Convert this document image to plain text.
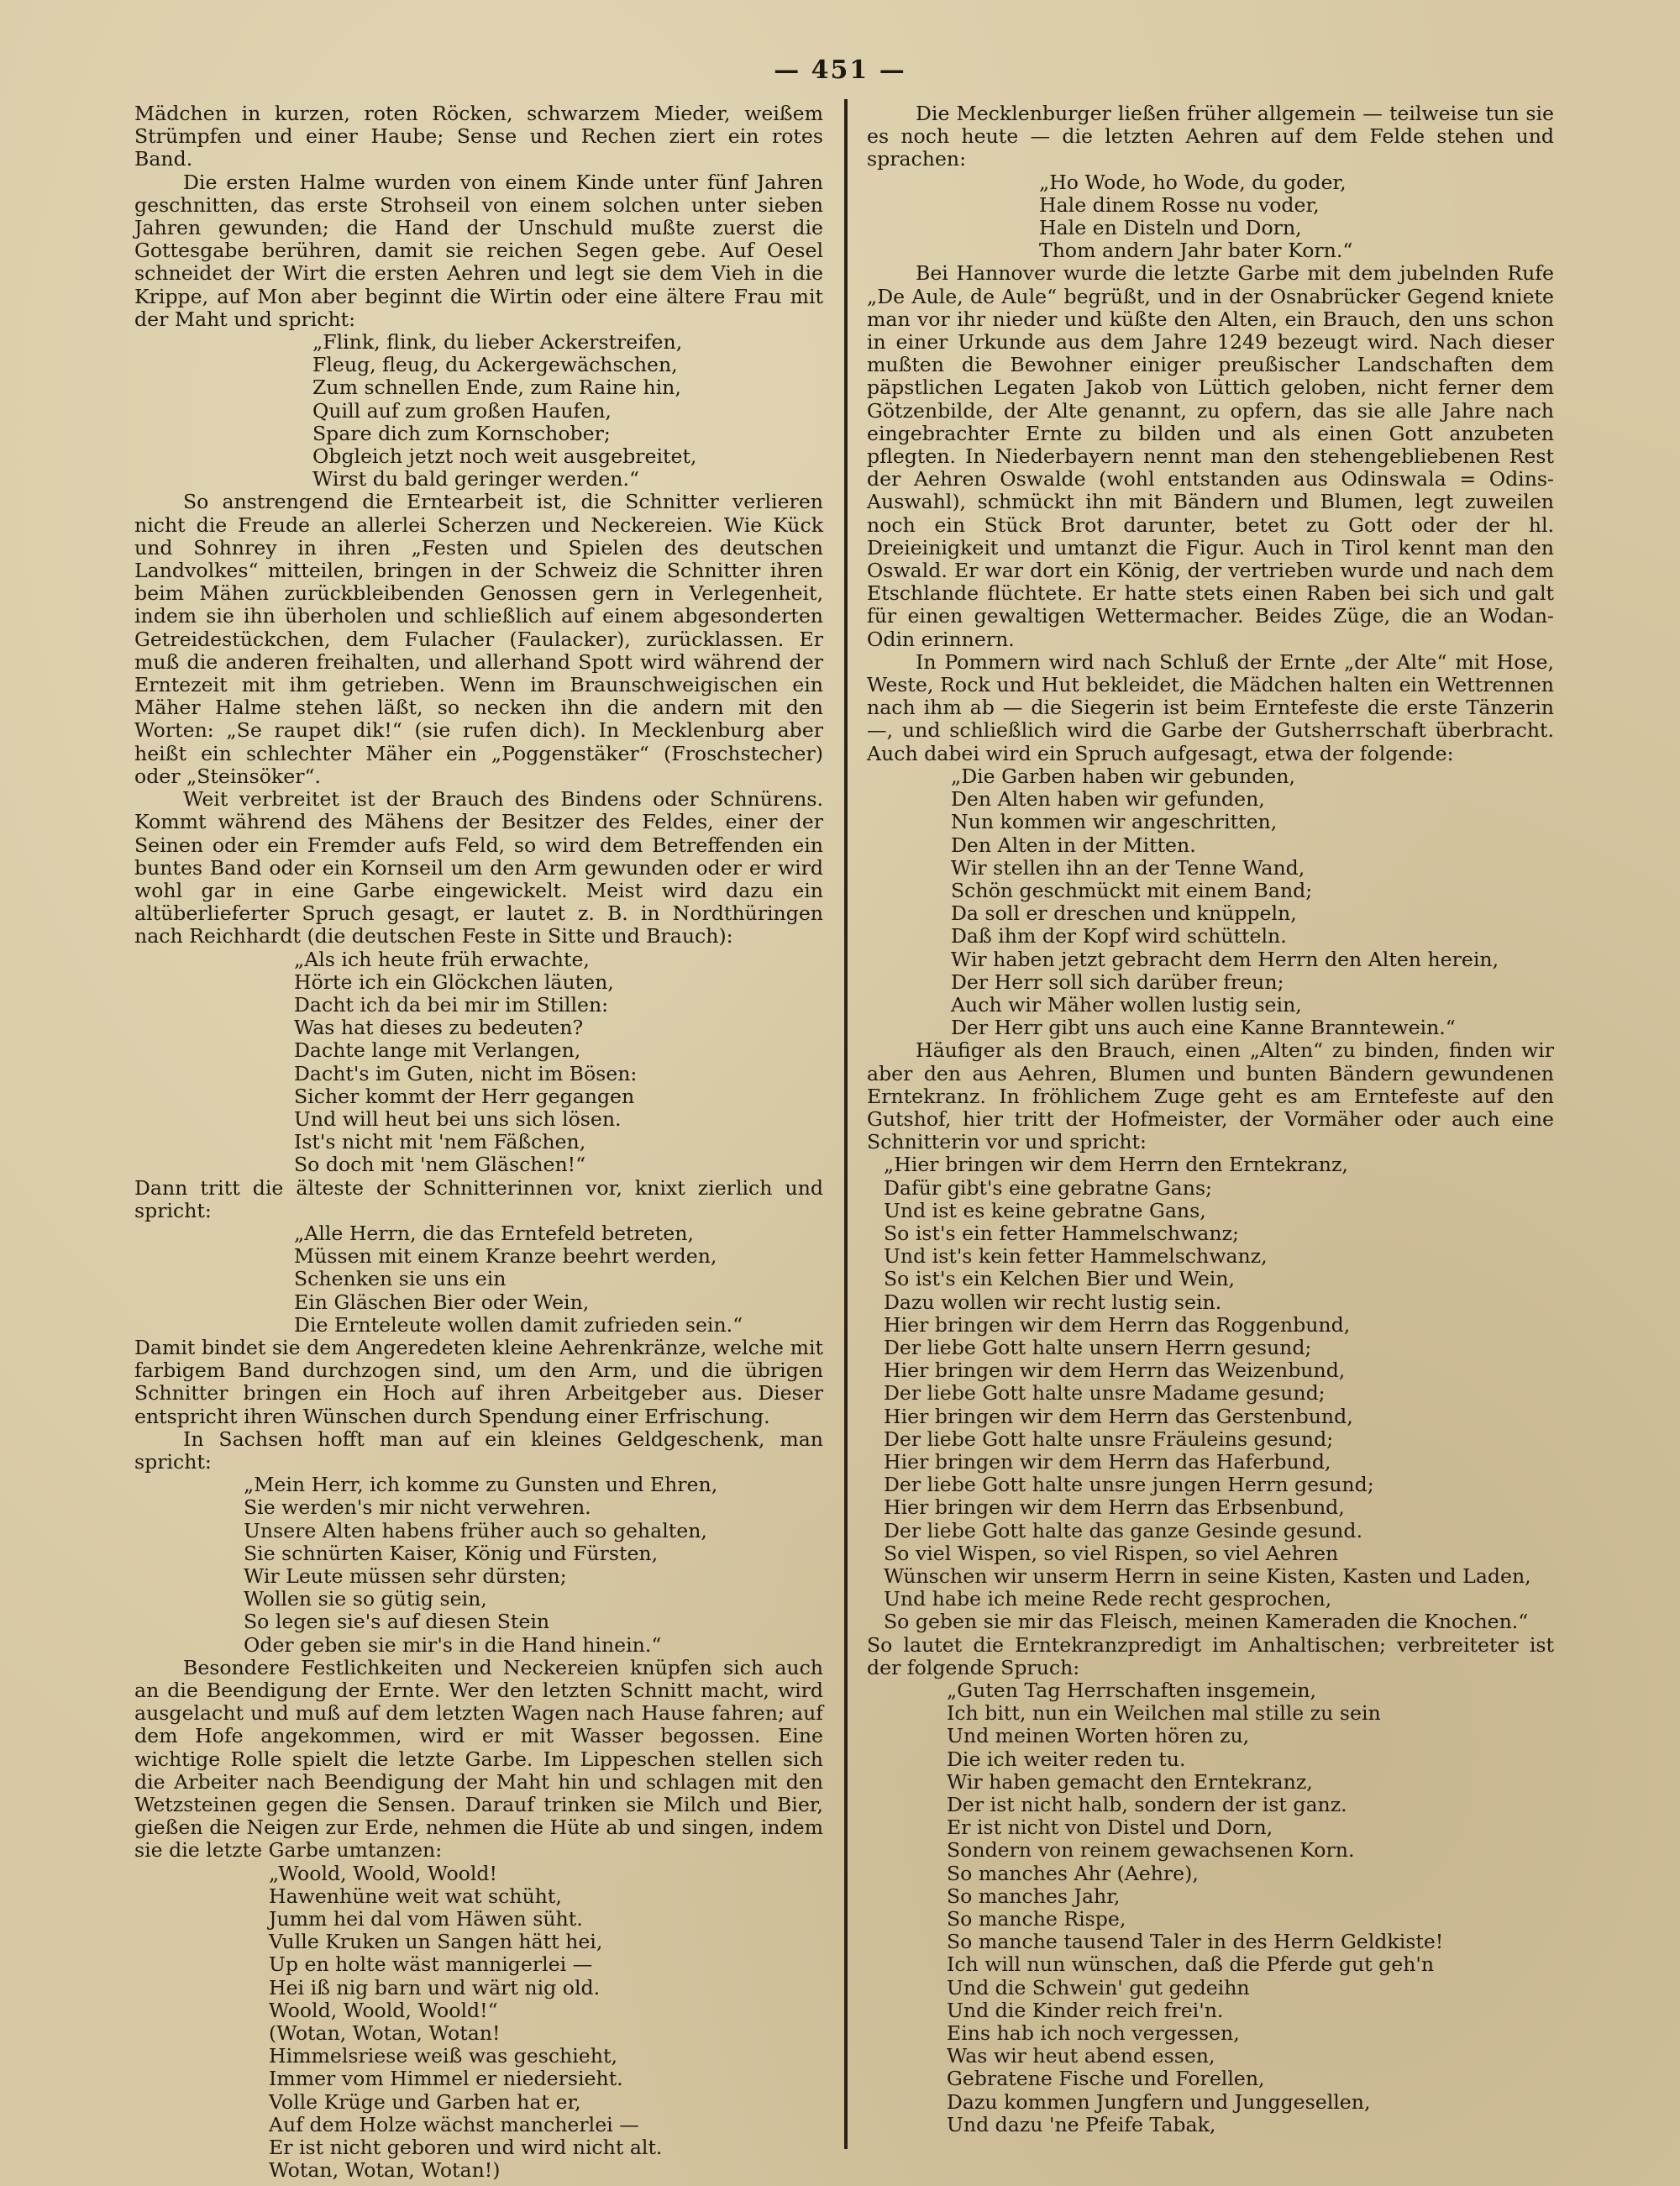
— 451 —

Mädchen in kurzen, roten Röcken, schwarzem Mieder, weißem Strümpfen und einer Haube; Sense und Rechen ziert ein rotes Band.

Die ersten Halme wurden von einem Kinde unter fünf Jahren geschnitten, das erste Strohseil von einem solchen unter sieben Jahren gewunden; die Hand der Unschuld mußte zuerst die Gottesgabe berühren, damit sie reichen Segen gebe. Auf Oesel schneidet der Wirt die ersten Aehren und legt sie dem Vieh in die Krippe, auf Mon aber beginnt die Wirtin oder eine ältere Frau mit der Maht und spricht:

„Flink, flink, du lieber Ackerstreifen,
Fleug, fleug, du Ackergewächschen,
Zum schnellen Ende, zum Raine hin,
Quill auf zum großen Haufen,
Spare dich zum Kornschober;
Obgleich jetzt noch weit ausgebreitet,
Wirst du bald geringer werden.“

So anstrengend die Erntearbeit ist, die Schnitter verlieren nicht die Freude an allerlei Scherzen und Neckereien. Wie Kück und Sohnrey in ihren „Festen und Spielen des deutschen Landvolkes“ mitteilen, bringen in der Schweiz die Schnitter ihren beim Mähen zurückbleibenden Genossen gern in Verlegenheit, indem sie ihn überholen und schließlich auf einem abgesonderten Getreidestückchen, dem Fulacher (Faulacker), zurücklassen. Er muß die anderen freihalten, und allerhand Spott wird während der Erntezeit mit ihm getrieben. Wenn im Braunschweigischen ein Mäher Halme stehen läßt, so necken ihn die andern mit den Worten: „Se raupet dik!“ (sie rufen dich). In Mecklenburg aber heißt ein schlechter Mäher ein „Poggenstäker“ (Froschstecher) oder „Steinsöker“.

Weit verbreitet ist der Brauch des Bindens oder Schnürens. Kommt während des Mähens der Besitzer des Feldes, einer der Seinen oder ein Fremder aufs Feld, so wird dem Betreffenden ein buntes Band oder ein Kornseil um den Arm gewunden oder er wird wohl gar in eine Garbe eingewickelt. Meist wird dazu ein altüberlieferter Spruch gesagt, er lautet z. B. in Nordthüringen nach Reichhardt (die deutschen Feste in Sitte und Brauch):

„Als ich heute früh erwachte,
Hörte ich ein Glöckchen läuten,
Dacht ich da bei mir im Stillen:
Was hat dieses zu bedeuten?
Dachte lange mit Verlangen,
Dacht's im Guten, nicht im Bösen:
Sicher kommt der Herr gegangen
Und will heut bei uns sich lösen.
Ist's nicht mit 'nem Fäßchen,
So doch mit 'nem Gläschen!“

Dann tritt die älteste der Schnitterinnen vor, knixt zierlich und spricht:

„Alle Herrn, die das Erntefeld betreten,
Müssen mit einem Kranze beehrt werden,
Schenken sie uns ein
Ein Gläschen Bier oder Wein,
Die Ernteleute wollen damit zufrieden sein.“

Damit bindet sie dem Angeredeten kleine Aehrenkränze, welche mit farbigem Band durchzogen sind, um den Arm, und die übrigen Schnitter bringen ein Hoch auf ihren Arbeitgeber aus. Dieser entspricht ihren Wünschen durch Spendung einer Erfrischung.

In Sachsen hofft man auf ein kleines Geldgeschenk, man spricht:

„Mein Herr, ich komme zu Gunsten und Ehren,
Sie werden's mir nicht verwehren.
Unsere Alten habens früher auch so gehalten,
Sie schnürten Kaiser, König und Fürsten,
Wir Leute müssen sehr dürsten;
Wollen sie so gütig sein,
So legen sie's auf diesen Stein
Oder geben sie mir's in die Hand hinein.“

Besondere Festlichkeiten und Neckereien knüpfen sich auch an die Beendigung der Ernte. Wer den letzten Schnitt macht, wird ausgelacht und muß auf dem letzten Wagen nach Hause fahren; auf dem Hofe angekommen, wird er mit Wasser begossen. Eine wichtige Rolle spielt die letzte Garbe. Im Lippeschen stellen sich die Arbeiter nach Beendigung der Maht hin und schlagen mit den Wetzsteinen gegen die Sensen. Darauf trinken sie Milch und Bier, gießen die Neigen zur Erde, nehmen die Hüte ab und singen, indem sie die letzte Garbe umtanzen:

„Woold, Woold, Woold!
Hawenhüne weit wat schüht,
Jumm hei dal vom Häwen süht.
Vulle Kruken un Sangen hätt hei,
Up en holte wäst mannigerlei —
Hei iß nig barn und wärt nig old.
Woold, Woold, Woold!“
(Wotan, Wotan, Wotan!
Himmelsriese weiß was geschieht,
Immer vom Himmel er niedersieht.
Volle Krüge und Garben hat er,
Auf dem Holze wächst mancherlei —
Er ist nicht geboren und wird nicht alt.
Wotan, Wotan, Wotan!)

Die Mecklenburger ließen früher allgemein — teilweise tun sie es noch heute — die letzten Aehren auf dem Felde stehen und sprachen:

„Ho Wode, ho Wode, du goder,
Hale dinem Rosse nu voder,
Hale en Disteln und Dorn,
Thom andern Jahr bater Korn.“

Bei Hannover wurde die letzte Garbe mit dem jubelnden Rufe „De Aule, de Aule“ begrüßt, und in der Osnabrücker Gegend kniete man vor ihr nieder und küßte den Alten, ein Brauch, den uns schon in einer Urkunde aus dem Jahre 1249 bezeugt wird. Nach dieser mußten die Bewohner einiger preußischer Landschaften dem päpstlichen Legaten Jakob von Lüttich geloben, nicht ferner dem Götzenbilde, der Alte genannt, zu opfern, das sie alle Jahre nach eingebrachter Ernte zu bilden und als einen Gott anzubeten pflegten. In Niederbayern nennt man den stehengebliebenen Rest der Aehren Oswalde (wohl entstanden aus Odinswala = Odins-Auswahl), schmückt ihn mit Bändern und Blumen, legt zuweilen noch ein Stück Brot darunter, betet zu Gott oder der hl. Dreieinigkeit und umtanzt die Figur. Auch in Tirol kennt man den Oswald. Er war dort ein König, der vertrieben wurde und nach dem Etschlande flüchtete. Er hatte stets einen Raben bei sich und galt für einen gewaltigen Wettermacher. Beides Züge, die an Wodan-Odin erinnern.

In Pommern wird nach Schluß der Ernte „der Alte“ mit Hose, Weste, Rock und Hut bekleidet, die Mädchen halten ein Wettrennen nach ihm ab — die Siegerin ist beim Erntefeste die erste Tänzerin —, und schließlich wird die Garbe der Gutsherrschaft überbracht. Auch dabei wird ein Spruch aufgesagt, etwa der folgende:

„Die Garben haben wir gebunden,
Den Alten haben wir gefunden,
Nun kommen wir angeschritten,
Den Alten in der Mitten.
Wir stellen ihn an der Tenne Wand,
Schön geschmückt mit einem Band;
Da soll er dreschen und knüppeln,
Daß ihm der Kopf wird schütteln.
Wir haben jetzt gebracht dem Herrn den Alten herein,
Der Herr soll sich darüber freun;
Auch wir Mäher wollen lustig sein,
Der Herr gibt uns auch eine Kanne Branntewein.“

Häufiger als den Brauch, einen „Alten“ zu binden, finden wir aber den aus Aehren, Blumen und bunten Bändern gewundenen Erntekranz. In fröhlichem Zuge geht es am Erntefeste auf den Gutshof, hier tritt der Hofmeister, der Vormäher oder auch eine Schnitterin vor und spricht:

„Hier bringen wir dem Herrn den Erntekranz,
Dafür gibt's eine gebratne Gans;
Und ist es keine gebratne Gans,
So ist's ein fetter Hammelschwanz;
Und ist's kein fetter Hammelschwanz,
So ist's ein Kelchen Bier und Wein,
Dazu wollen wir recht lustig sein.
Hier bringen wir dem Herrn das Roggenbund,
Der liebe Gott halte unsern Herrn gesund;
Hier bringen wir dem Herrn das Weizenbund,
Der liebe Gott halte unsre Madame gesund;
Hier bringen wir dem Herrn das Gerstenbund,
Der liebe Gott halte unsre Fräuleins gesund;
Hier bringen wir dem Herrn das Haferbund,
Der liebe Gott halte unsre jungen Herrn gesund;
Hier bringen wir dem Herrn das Erbsenbund,
Der liebe Gott halte das ganze Gesinde gesund.
So viel Wispen, so viel Rispen, so viel Aehren
Wünschen wir unserm Herrn in seine Kisten, Kasten und Laden,
Und habe ich meine Rede recht gesprochen,
So geben sie mir das Fleisch, meinen Kameraden die Knochen.“

So lautet die Erntekranzpredigt im Anhaltischen; verbreiteter ist der folgende Spruch:

„Guten Tag Herrschaften insgemein,
Ich bitt, nun ein Weilchen mal stille zu sein
Und meinen Worten hören zu,
Die ich weiter reden tu.
Wir haben gemacht den Erntekranz,
Der ist nicht halb, sondern der ist ganz.
Er ist nicht von Distel und Dorn,
Sondern von reinem gewachsenen Korn.
So manches Ahr (Aehre),
So manches Jahr,
So manche Rispe,
So manche tausend Taler in des Herrn Geldkiste!
Ich will nun wünschen, daß die Pferde gut geh'n
Und die Schwein' gut gedeihn
Und die Kinder reich frei'n.
Eins hab ich noch vergessen,
Was wir heut abend essen,
Gebratene Fische und Forellen,
Dazu kommen Jungfern und Junggesellen,
Und dazu 'ne Pfeife Tabak,
